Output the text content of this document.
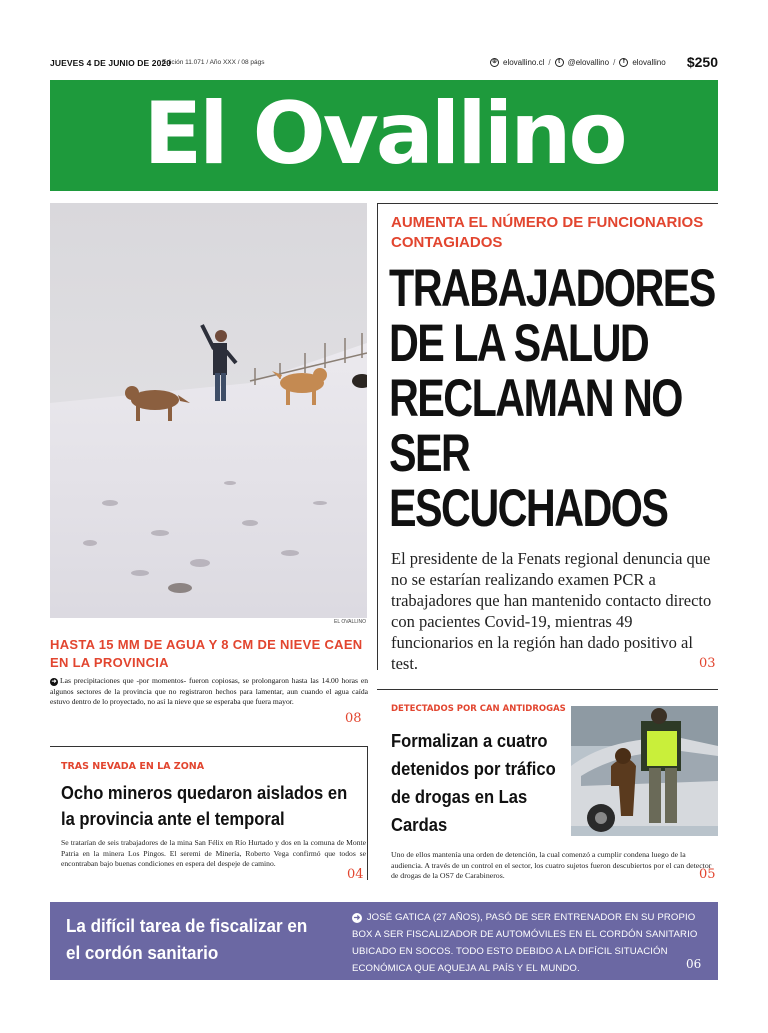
JUEVES 4 DE JUNIO DE 2020
Edición 11.071 / Año XXX / 08 págs	⊕ elovallino.cl /	t @elovallino /	f elovallino $250
El Ovallino
EL OVALLINO
HASTA 15 MM DE AGUA Y 8 CM DE NIEVE CAEN EN LA PROVINCIA
➜ Las precipitaciones que -por momentos- fueron copiosas, se prolongaron hasta las 14.00 horas en algunos sectores de la provincia que no registraron hechos para lamentar, aun cuando el agua caída estuvo dentro de lo proyectado, no así la nieve que se esperaba que fuera mayor.
08
AUMENTA EL NÚMERO DE FUNCIONARIOS CONTAGIADOS
TRABAJADORES DE LA SALUD RECLAMAN NO SER ESCUCHADOS
El presidente de la Fenats regional denuncia que no se estarían realizando examen PCR a trabajadores que han mantenido contacto directo con pacientes Covid-19, mientras 49 funcionarios en la región han dado positivo al test.	03
DETECTADOS POR CAN ANTIDROGAS
Formalizan a cuatro detenidos por tráfico de drogas en Las Cardas
Uno de ellos mantenía una orden de detención, la cual comenzó a cumplir condena luego de la audiencia. A través de un control en el sector, los cuatro sujetos fueron descubiertos por el can detector de drogas de la OS7 de Carabineros.	05
TRAS NEVADA EN LA ZONA
Ocho mineros quedaron aislados en la provincia ante el temporal
Se tratarían de seis trabajadores de la mina San Félix en Río Hurtado y dos en la comuna de Monte Patria en la minera Los Pingos. El seremi de Minería, Roberto Vega confirmó que todos se encontraban bajo buenas condiciones en espera del despeje de camino.
04
La difícil tarea de fiscalizar en el cordón sanitario
➜ JOSÉ GATICA (27 AÑOS), PASÓ DE SER ENTRENADOR EN SU PROPIO BOX A SER FISCALIZADOR DE AUTOMÓVILES EN EL CORDÓN SANITARIO UBICADO EN SOCOS. TODO ESTO DEBIDO A LA DIFÍCIL SITUACIÓN ECONÓMICA QUE AQUEJA AL PAÍS Y EL MUNDO.	06
